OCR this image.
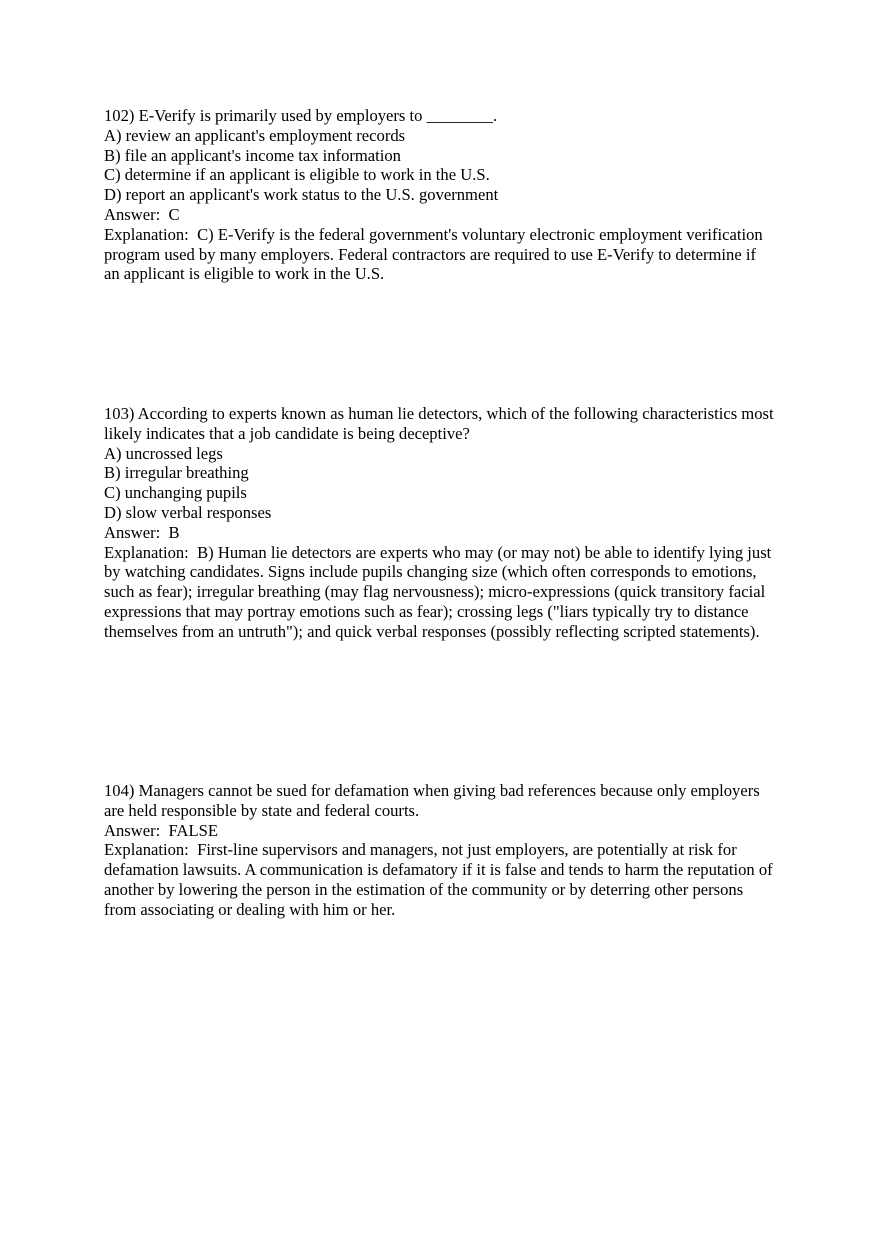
102) E-Verify is primarily used by employers to ________.
A) review an applicant's employment records
B) file an applicant's income tax information
C) determine if an applicant is eligible to work in the U.S.
D) report an applicant's work status to the U.S. government
Answer:  C
Explanation:  C) E-Verify is the federal government's voluntary electronic employment verification program used by many employers. Federal contractors are required to use E-Verify to determine if an applicant is eligible to work in the U.S.
103) According to experts known as human lie detectors, which of the following characteristics most likely indicates that a job candidate is being deceptive?
A) uncrossed legs
B) irregular breathing
C) unchanging pupils
D) slow verbal responses
Answer:  B
Explanation:  B) Human lie detectors are experts who may (or may not) be able to identify lying just by watching candidates. Signs include pupils changing size (which often corresponds to emotions, such as fear); irregular breathing (may flag nervousness); micro-expressions (quick transitory facial expressions that may portray emotions such as fear); crossing legs ("liars typically try to distance themselves from an untruth"); and quick verbal responses (possibly reflecting scripted statements).
104) Managers cannot be sued for defamation when giving bad references because only employers are held responsible by state and federal courts.
Answer:  FALSE
Explanation:  First-line supervisors and managers, not just employers, are potentially at risk for defamation lawsuits. A communication is defamatory if it is false and tends to harm the reputation of another by lowering the person in the estimation of the community or by deterring other persons from associating or dealing with him or her.
